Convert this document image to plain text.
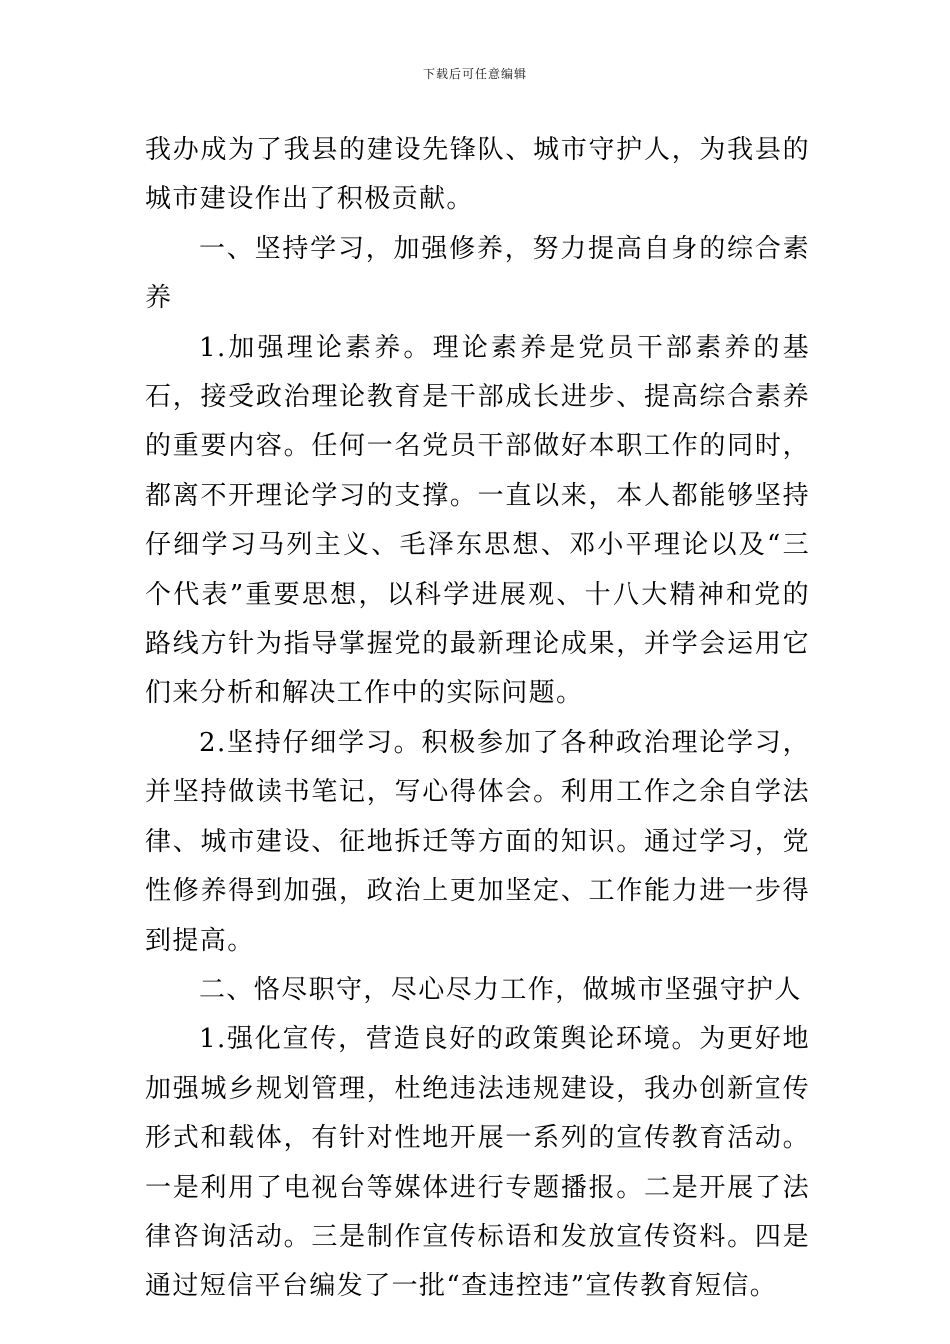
下载后可任意编辑

我办成为了我县的建设先锋队、城市守护人，为我县的城市建设作出了积极贡献。

一、坚持学习，加强修养，努力提高自身的综合素养

1.加强理论素养。理论素养是党员干部素养的基石，接受政治理论教育是干部成长进步、提高综合素养的重要内容。任何一名党员干部做好本职工作的同时，都离不开理论学习的支撑。一直以来，本人都能够坚持仔细学习马列主义、毛泽东思想、邓小平理论以及“三个代表”重要思想，以科学进展观、十八大精神和党的路线方针为指导掌握党的最新理论成果，并学会运用它们来分析和解决工作中的实际问题。

2.坚持仔细学习。积极参加了各种政治理论学习，并坚持做读书笔记，写心得体会。利用工作之余自学法律、城市建设、征地拆迁等方面的知识。通过学习，党性修养得到加强，政治上更加坚定、工作能力进一步得到提高。

二、恪尽职守，尽心尽力工作，做城市坚强守护人

1.强化宣传，营造良好的政策舆论环境。为更好地加强城乡规划管理，杜绝违法违规建设，我办创新宣传形式和载体，有针对性地开展一系列的宣传教育活动。一是利用了电视台等媒体进行专题播报。二是开展了法律咨询活动。三是制作宣传标语和发放宣传资料。四是通过短信平台编发了一批“查违控违”宣传教育短信。
